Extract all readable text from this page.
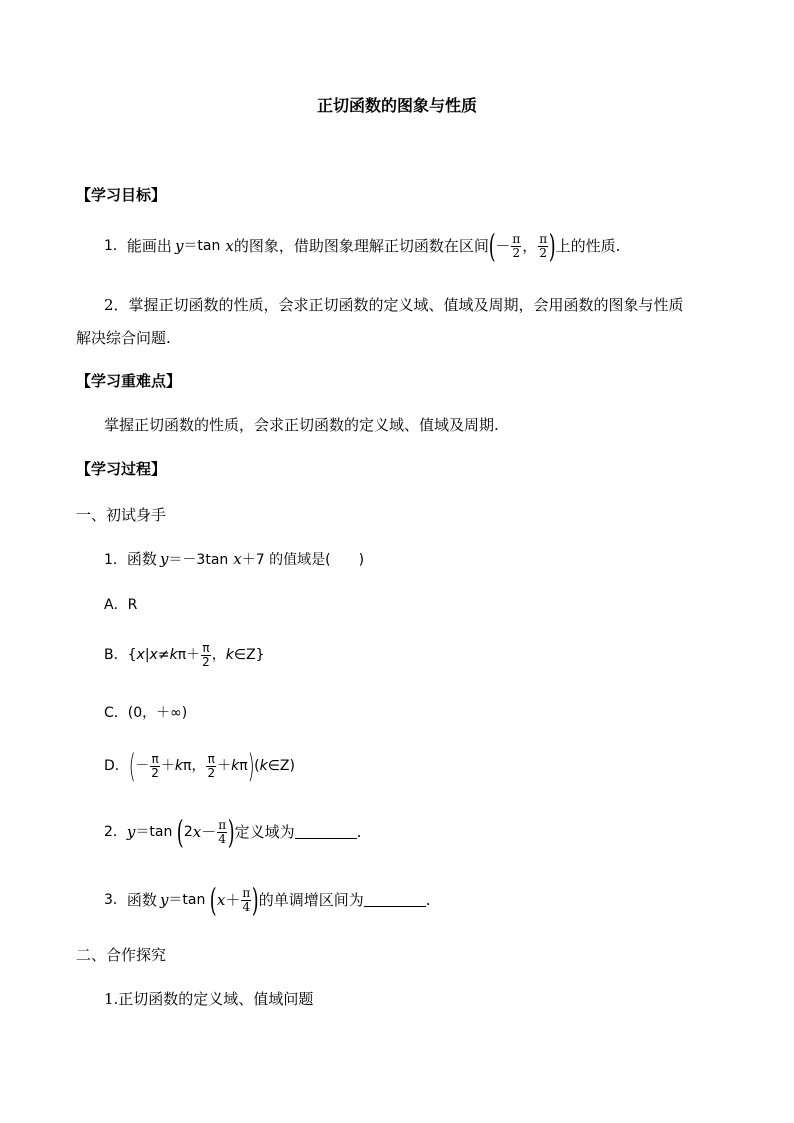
正切函数的图象与性质
【学习目标】
1． 能画出 y ＝tan x 的图象，借助图象理解正切函数在区间 ( － $\frac{\pi}{2}$ ， $\frac{\pi}{2}$ ) 上的性质.
2．掌握正切函数的性质，会求正切函数的定义域、值域及周期，会用函数的图象与性质
解决综合问题.
【学习重难点】
掌握正切函数的性质，会求正切函数的定义域、值域及周期.
【学习过程】
一、初试身手
1． 函数 y ＝－3tan x ＋7 的值域是(　　)
A．R
B． { x | x ≠ k $\pi + \frac{\pi}{2}$ ， k ∈Z}
C．(0，＋∞)
D． ( － $\frac{\pi}{2} + k$ π ， $\frac{\pi}{2} + k$ π ) ( k ∈Z)
2． y ＝tan ( 2 $x - \frac{\pi}{4}$ ) 定义域为	.
3． 函数 y ＝tan ( $x + \frac{\pi}{4}$ ) 的单调增区间为	.
二、合作探究
1.正切函数的定义域、值域问题
